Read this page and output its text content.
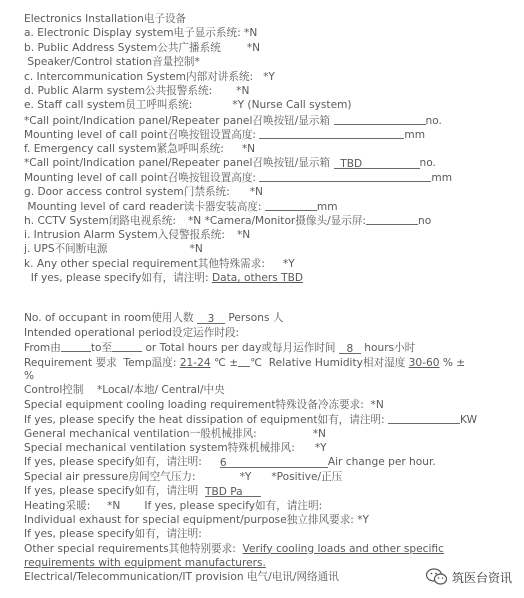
Electronics Installation电子设备
a. Electronic Display system电子显示系统: *N
b. Public Address System公共广播系统 *N
Speaker/Control station音量控制*
c. Intercommunication System内部对讲系统: *Y
d. Public Alarm system公共报警系统: *N
e. Staff call system员工呼叫系统:	*Y (Nurse Call system)
*Call point/Indication panel/Repeater panel召唤按钮/显示箱	no.
Mounting level of call point召唤按钮设置高度:	mm
f. Emergency call system紧急呼叫系统: *N
*Call point/Indication panel/Repeater panel召唤按钮/显示箱 TBD	no.
Mounting level of call point召唤按钮设置高度:	mm
g. Door access control system门禁系统: *N
Mounting level of card reader读卡器安装高度:	mm
h. CCTV System闭路电视系统: *N *Camera/Monitor摄像头/显示屏:	no
i. Intrusion Alarm System入侵警报系统: *N
j. UPS不间断电源	*N
k. Any other special requirement其他特殊需求: *Y
If yes, please specify如有，请注明: Data, others TBD
No. of occupant in room使用人数 3 Persons 人
Intended operational period设定运作时段:
From由	to至	or Total hours per day或每月运作时间 8 hours小时
Requirement 要求 Temp温度: 21-24 ℃ ± ℃ Relative Humidity相对湿度 30-60 % ±
%
Control控制 *Local/本地/ Central/中央
Special equipment cooling loading requirement特殊设备冷冻要求: *N
If yes, please specify the heat dissipation of equipment如有，请注明:	KW
General mechanical ventilation一般机械排风:	*N
Special mechanical ventilation system特殊机械排风: *Y
If yes, please specify如有，请注明: 6	Air change per hour.
Special air pressure房间空气压力:	*Y *Positive/正压
If yes, please specify如有，请注明 TBD Pa
Heating采暖: *N If yes, please specify如有，请注明:
Individual exhaust for special equipment/purpose独立排风要求: *Y
If yes, please specify如有，请注明:
Other special requirements其他特别要求: Verify cooling loads and other specific
requirements with equipment manufacturers.
Electrical/Telecommunication/IT provision 电气/电讯/网络通讯	筑医台资讯
